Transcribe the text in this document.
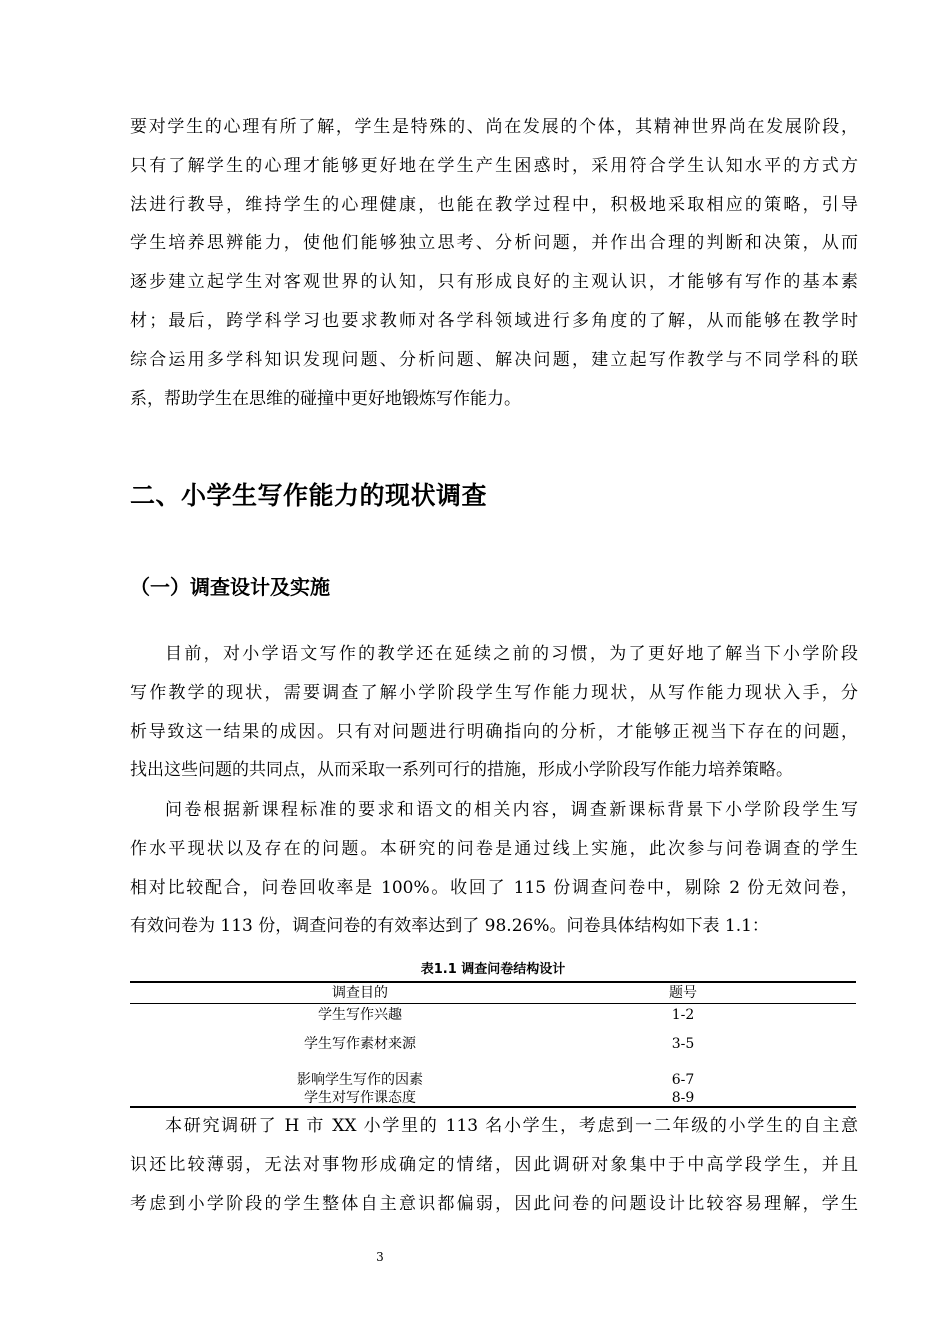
要对学生的心理有所了解，学生是特殊的、尚在发展的个体，其精神世界尚在发展阶段，
只有了解学生的心理才能够更好地在学生产生困惑时，采用符合学生认知水平的方式方
法进行教导，维持学生的心理健康，也能在教学过程中，积极地采取相应的策略，引导
学生培养思辨能力，使他们能够独立思考、分析问题，并作出合理的判断和决策，从而
逐步建立起学生对客观世界的认知，只有形成良好的主观认识，才能够有写作的基本素
材；最后，跨学科学习也要求教师对各学科领域进行多角度的了解，从而能够在教学时
综合运用多学科知识发现问题、分析问题、解决问题，建立起写作教学与不同学科的联
系，帮助学生在思维的碰撞中更好地锻炼写作能力。
二、小学生写作能力的现状调查
（一）调查设计及实施
目前，对小学语文写作的教学还在延续之前的习惯，为了更好地了解当下小学阶段
写作教学的现状，需要调查了解小学阶段学生写作能力现状，从写作能力现状入手，分
析导致这一结果的成因。只有对问题进行明确指向的分析，才能够正视当下存在的问题，
找出这些问题的共同点，从而采取一系列可行的措施，形成小学阶段写作能力培养策略。
问卷根据新课程标准的要求和语文的相关内容，调查新课标背景下小学阶段学生写
作水平现状以及存在的问题。本研究的问卷是通过线上实施，此次参与问卷调查的学生
相对比较配合，问卷回收率是 100%。收回了 115 份调查问卷中，剔除 2 份无效问卷，
有效问卷为 113 份，调查问卷的有效率达到了 98.26%。问卷具体结构如下表 1.1：
表1.1 调查问卷结构设计
调查目的	题号
学生写作兴趣	1-2
学生写作素材来源	3-5
影响学生写作的因素	6-7
学生对写作课态度	8-9
本研究调研了 H 市 XX 小学里的 113 名小学生，考虑到一二年级的小学生的自主意
识还比较薄弱，无法对事物形成确定的情绪，因此调研对象集中于中高学段学生，并且
考虑到小学阶段的学生整体自主意识都偏弱，因此问卷的问题设计比较容易理解，学生
3
